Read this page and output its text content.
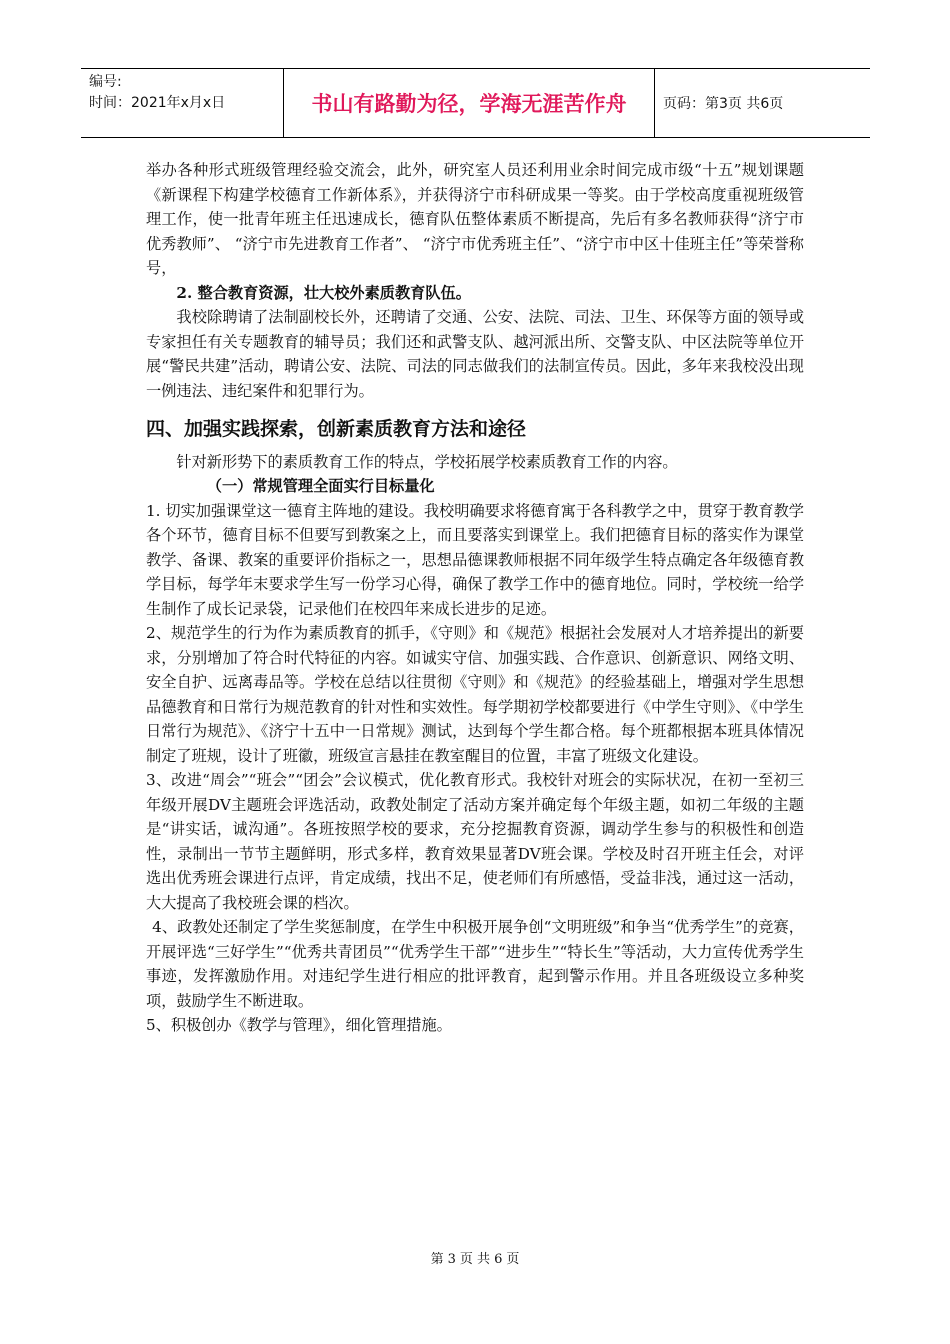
编号:
时间：2021年x月x日	书山有路勤为径，学海无涯苦作舟	页码：第3页 共6页

举办各种形式班级管理经验交流会，此外，研究室人员还利用业余时间完成市级“十五”规划课题《新课程下构建学校德育工作新体系》，并获得济宁市科研成果一等奖。由于学校高度重视班级管理工作，使一批青年班主任迅速成长，德育队伍整体素质不断提高，先后有多名教师获得“济宁市优秀教师”、 “济宁市先进教育工作者”、 “济宁市优秀班主任”、“济宁市中区十佳班主任”等荣誉称号，

2. 整合教育资源，壮大校外素质教育队伍。

我校除聘请了法制副校长外，还聘请了交通、公安、法院、司法、卫生、环保等方面的领导或专家担任有关专题教育的辅导员；我们还和武警支队、越河派出所、交警支队、中区法院等单位开展“警民共建”活动，聘请公安、法院、司法的同志做我们的法制宣传员。因此，多年来我校没出现一例违法、违纪案件和犯罪行为。

四、加强实践探索，创新素质教育方法和途径

针对新形势下的素质教育工作的特点，学校拓展学校素质教育工作的内容。

（一）常规管理全面实行目标量化

1. 切实加强课堂这一德育主阵地的建设。我校明确要求将德育寓于各科教学之中，贯穿于教育教学各个环节，德育目标不但要写到教案之上，而且要落实到课堂上。我们把德育目标的落实作为课堂教学、备课、教案的重要评价指标之一，思想品德课教师根据不同年级学生特点确定各年级德育教学目标，每学年末要求学生写一份学习心得，确保了教学工作中的德育地位。同时，学校统一给学生制作了成长记录袋，记录他们在校四年来成长进步的足迹。

2、规范学生的行为作为素质教育的抓手，《守则》和《规范》根据社会发展对人才培养提出的新要求，分别增加了符合时代特征的内容。如诚实守信、加强实践、合作意识、创新意识、网络文明、安全自护、远离毒品等。学校在总结以往贯彻《守则》和《规范》的经验基础上，增强对学生思想品德教育和日常行为规范教育的针对性和实效性。每学期初学校都要进行《中学生守则》、《中学生日常行为规范》、《济宁十五中一日常规》测试，达到每个学生都合格。每个班都根据本班具体情况制定了班规，设计了班徽，班级宣言悬挂在教室醒目的位置，丰富了班级文化建设。

3、改进“周会”“班会”“团会”会议模式，优化教育形式。我校针对班会的实际状况，在初一至初三年级开展DV主题班会评选活动，政教处制定了活动方案并确定每个年级主题，如初二年级的主题是“讲实话，诚沟通”。各班按照学校的要求，充分挖掘教育资源，调动学生参与的积极性和创造性，录制出一节节主题鲜明，形式多样，教育效果显著DV班会课。学校及时召开班主任会，对评选出优秀班会课进行点评，肯定成绩，找出不足，使老师们有所感悟，受益非浅，通过这一活动，大大提高了我校班会课的档次。

4、政教处还制定了学生奖惩制度，在学生中积极开展争创“文明班级”和争当“优秀学生”的竞赛，开展评选“三好学生”“优秀共青团员”“优秀学生干部”“进步生”“特长生”等活动，大力宣传优秀学生事迹，发挥激励作用。对违纪学生进行相应的批评教育，起到警示作用。并且各班级设立多种奖项，鼓励学生不断进取。

5、积极创办《教学与管理》，细化管理措施。

第 3 页 共 6 页
